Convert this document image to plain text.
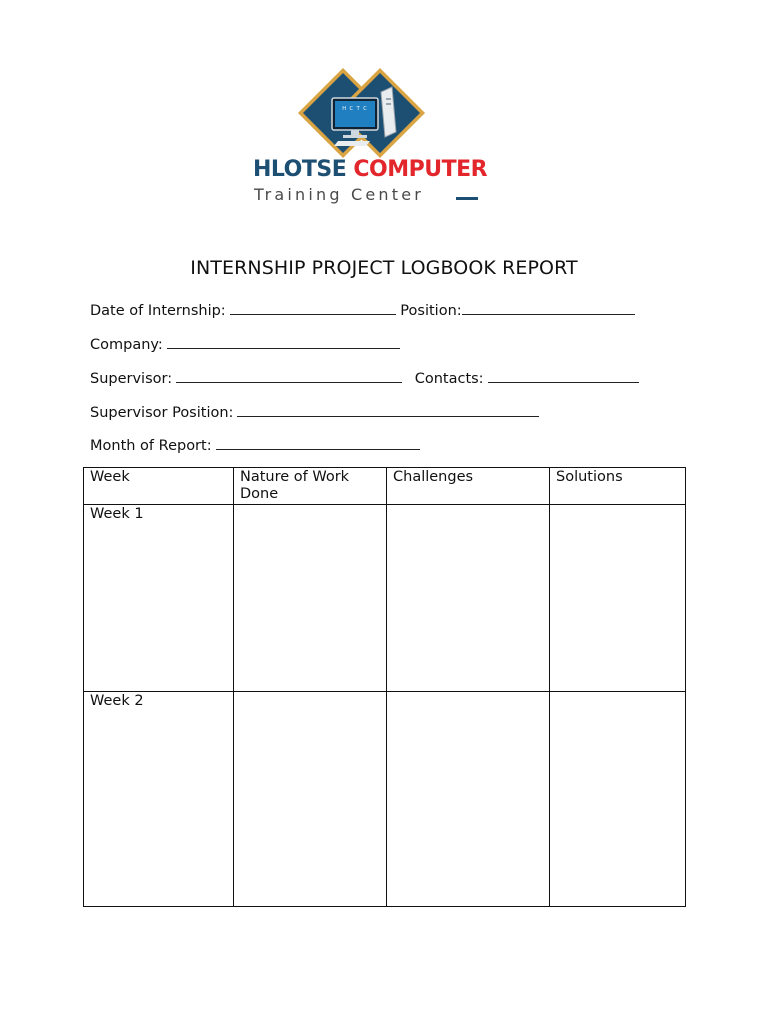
HLOTSE COMPUTER
Training Center
H C T C
INTERNSHIP PROJECT LOGBOOK REPORT
Date of Internship:	Position:
Company:
Supervisor:	Contacts:
Supervisor Position:
Month of Report:
Week	Nature of Work Done	Challenges	Solutions
Week 1			
Week 2			
